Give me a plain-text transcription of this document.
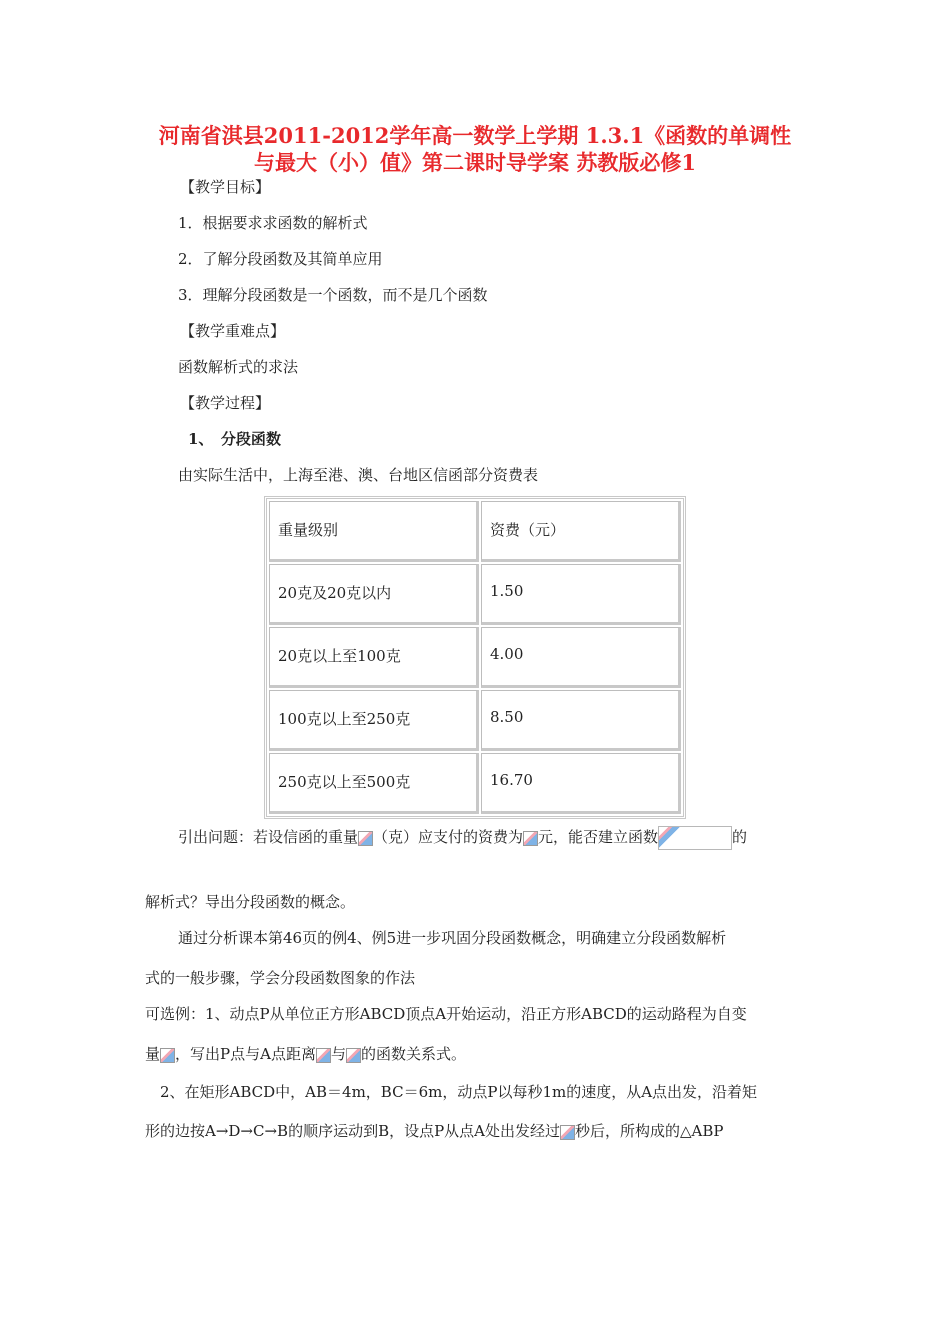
河南省淇县2011-2012学年高一数学上学期 1.3.1《函数的单调性
与最大（小）值》第二课时导学案 苏教版必修1
【教学目标】
1．根据要求求函数的解析式
2．了解分段函数及其简单应用
3．理解分段函数是一个函数，而不是几个函数
【教学重难点】
函数解析式的求法
【教学过程】
1、　分段函数
由实际生活中，上海至港、澳、台地区信函部分资费表
重量级别	资费（元）
20克及20克以内	1.50
20克以上至100克	4.00
100克以上至250克	8.50
250克以上至500克	16.70
引出问题：若设信函的重量 （克）应支付的资费为 元，能否建立函数	的
解析式？导出分段函数的概念。
通过分析课本第46页的例4、例5进一步巩固分段函数概念，明确建立分段函数解析
式的一般步骤，学会分段函数图象的作法
可选例：1、动点P从单位正方形ABCD顶点A开始运动，沿正方形ABCD的运动路程为自变
量 ，写出P点与A点距离 与 的函数关系式。
2、在矩形ABCD中，AB＝4m，BC＝6m，动点P以每秒1m的速度，从A点出发，沿着矩
形的边按A→D→C→B的顺序运动到B，设点P从点A处出发经过 秒后，所构成的△ABP
